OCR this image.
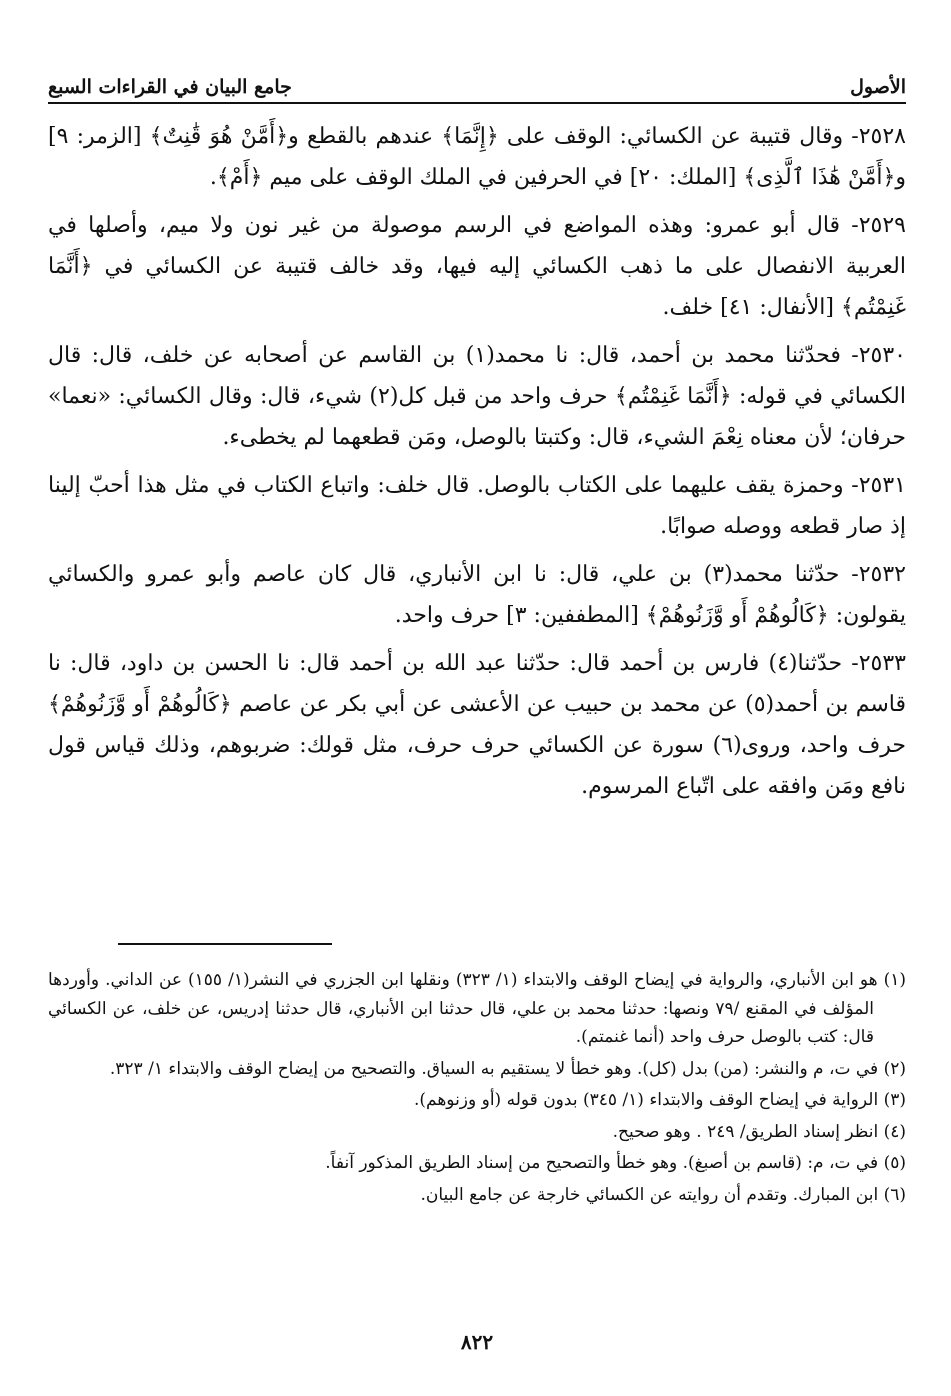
الأصول
جامع البيان في القراءات السبع

٢٥٢٨- وقال قتيبة عن الكسائي: الوقف على ﴿إِنَّمَا﴾ عندهم بالقطع و﴿أَمَّنْ هُوَ قَٰنِتٌ﴾ [الزمر: ٩] و﴿أَمَّنْ هَٰذَا ٱلَّذِى﴾ [الملك: ٢٠] في الحرفين في الملك الوقف على ميم ﴿أَمْ﴾.

٢٥٢٩- قال أبو عمرو: وهذه المواضع في الرسم موصولة من غير نون ولا ميم، وأصلها في العربية الانفصال على ما ذهب الكسائي إليه فيها، وقد خالف قتيبة عن الكسائي في ﴿أَنَّمَا غَنِمْتُم﴾ [الأنفال: ٤١] خلف.

٢٥٣٠- فحدّثنا محمد بن أحمد، قال: نا محمد(١) بن القاسم عن أصحابه عن خلف، قال: قال الكسائي في قوله: ﴿أَنَّمَا غَنِمْتُم﴾ حرف واحد من قبل كل(٢) شيء، قال: وقال الكسائي: «نعما» حرفان؛ لأن معناه نِعْمَ الشيء، قال: وكتبتا بالوصل، ومَن قطعهما لم يخطىء.

٢٥٣١- وحمزة يقف عليهما على الكتاب بالوصل. قال خلف: واتباع الكتاب في مثل هذا أحبّ إلينا إذ صار قطعه ووصله صوابًا.

٢٥٣٢- حدّثنا محمد(٣) بن علي، قال: نا ابن الأنباري، قال كان عاصم وأبو عمرو والكسائي يقولون: ﴿كَالُوهُمْ أَو وَّزَنُوهُمْ﴾ [المطففين: ٣] حرف واحد.

٢٥٣٣- حدّثنا(٤) فارس بن أحمد قال: حدّثنا عبد الله بن أحمد قال: نا الحسن بن داود، قال: نا قاسم بن أحمد(٥) عن محمد بن حبيب عن الأعشى عن أبي بكر عن عاصم ﴿كَالُوهُمْ أَو وَّزَنُوهُمْ﴾ حرف واحد، وروى(٦) سورة عن الكسائي حرف حرف، مثل قولك: ضربوهم، وذلك قياس قول نافع ومَن وافقه على اتّباع المرسوم.

(١) هو ابن الأنباري، والرواية في إيضاح الوقف والابتداء (١/ ٣٢٣) ونقلها ابن الجزري في النشر(١/ ١٥٥) عن الداني. وأوردها المؤلف في المقنع /٧٩ ونصها: حدثنا محمد بن علي، قال حدثنا ابن الأنباري، قال حدثنا إدريس، عن خلف، عن الكسائي قال: كتب بالوصل حرف واحد (أنما غنمتم).

(٢) في ت، م والنشر: (من) بدل (كل). وهو خطأ لا يستقيم به السياق. والتصحيح من إيضاح الوقف والابتداء ١/ ٣٢٣.

(٣) الرواية في إيضاح الوقف والابتداء (١/ ٣٤٥) بدون قوله (أو وزنوهم).

(٤) انظر إسناد الطريق/ ٢٤٩ . وهو صحيح.

(٥) في ت، م: (قاسم بن أصبغ). وهو خطأ والتصحيح من إسناد الطريق المذكور آنفاً.

(٦) ابن المبارك. وتقدم أن روايته عن الكسائي خارجة عن جامع البيان.

٨٢٢
